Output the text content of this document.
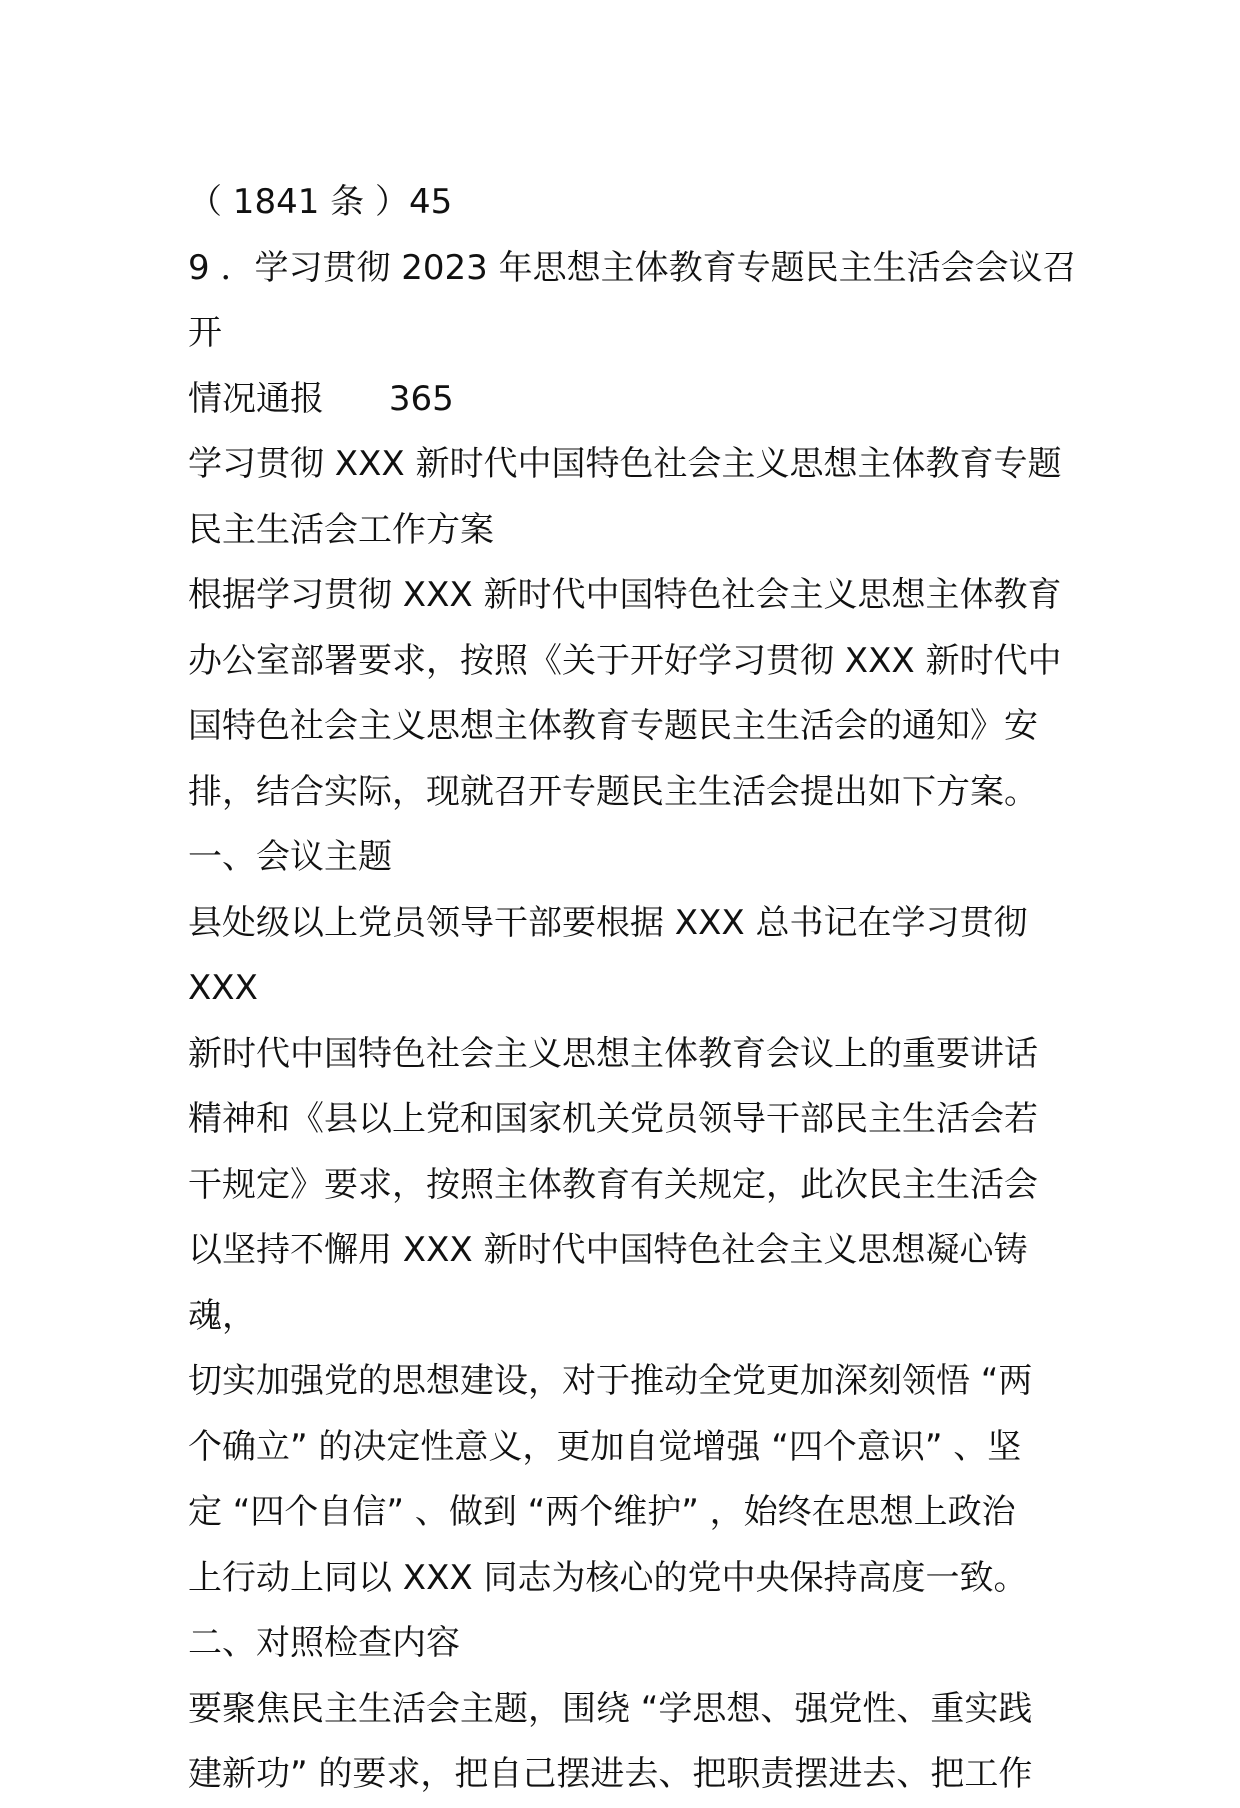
（ 1841 条 ）45

9 ．学习贯彻 2023 年思想主体教育专题民主生活会会议召开

情况通报      365

学习贯彻 XXX 新时代中国特色社会主义思想主体教育专题

民主生活会工作方案

根据学习贯彻 XXX 新时代中国特色社会主义思想主体教育

办公室部署要求，按照《关于开好学习贯彻 XXX 新时代中

国特色社会主义思想主体教育专题民主生活会的通知》安

排，结合实际，现就召开专题民主生活会提出如下方案。

一、会议主题

县处级以上党员领导干部要根据 XXX 总书记在学习贯彻 XXX

新时代中国特色社会主义思想主体教育会议上的重要讲话

精神和《县以上党和国家机关党员领导干部民主生活会若

干规定》要求，按照主体教育有关规定，此次民主生活会

以坚持不懈用 XXX 新时代中国特色社会主义思想凝心铸魂，

切实加强党的思想建设，对于推动全党更加深刻领悟 “两

个确立” 的决定性意义，更加自觉增强 “四个意识” 、坚

定 “四个自信” 、做到 “两个维护” ，始终在思想上政治

上行动上同以 XXX 同志为核心的党中央保持高度一致。

二、对照检查内容

要聚焦民主生活会主题，围绕 “学思想、强党性、重实践

建新功” 的要求，把自己摆进去、把职责摆进去、把工作
